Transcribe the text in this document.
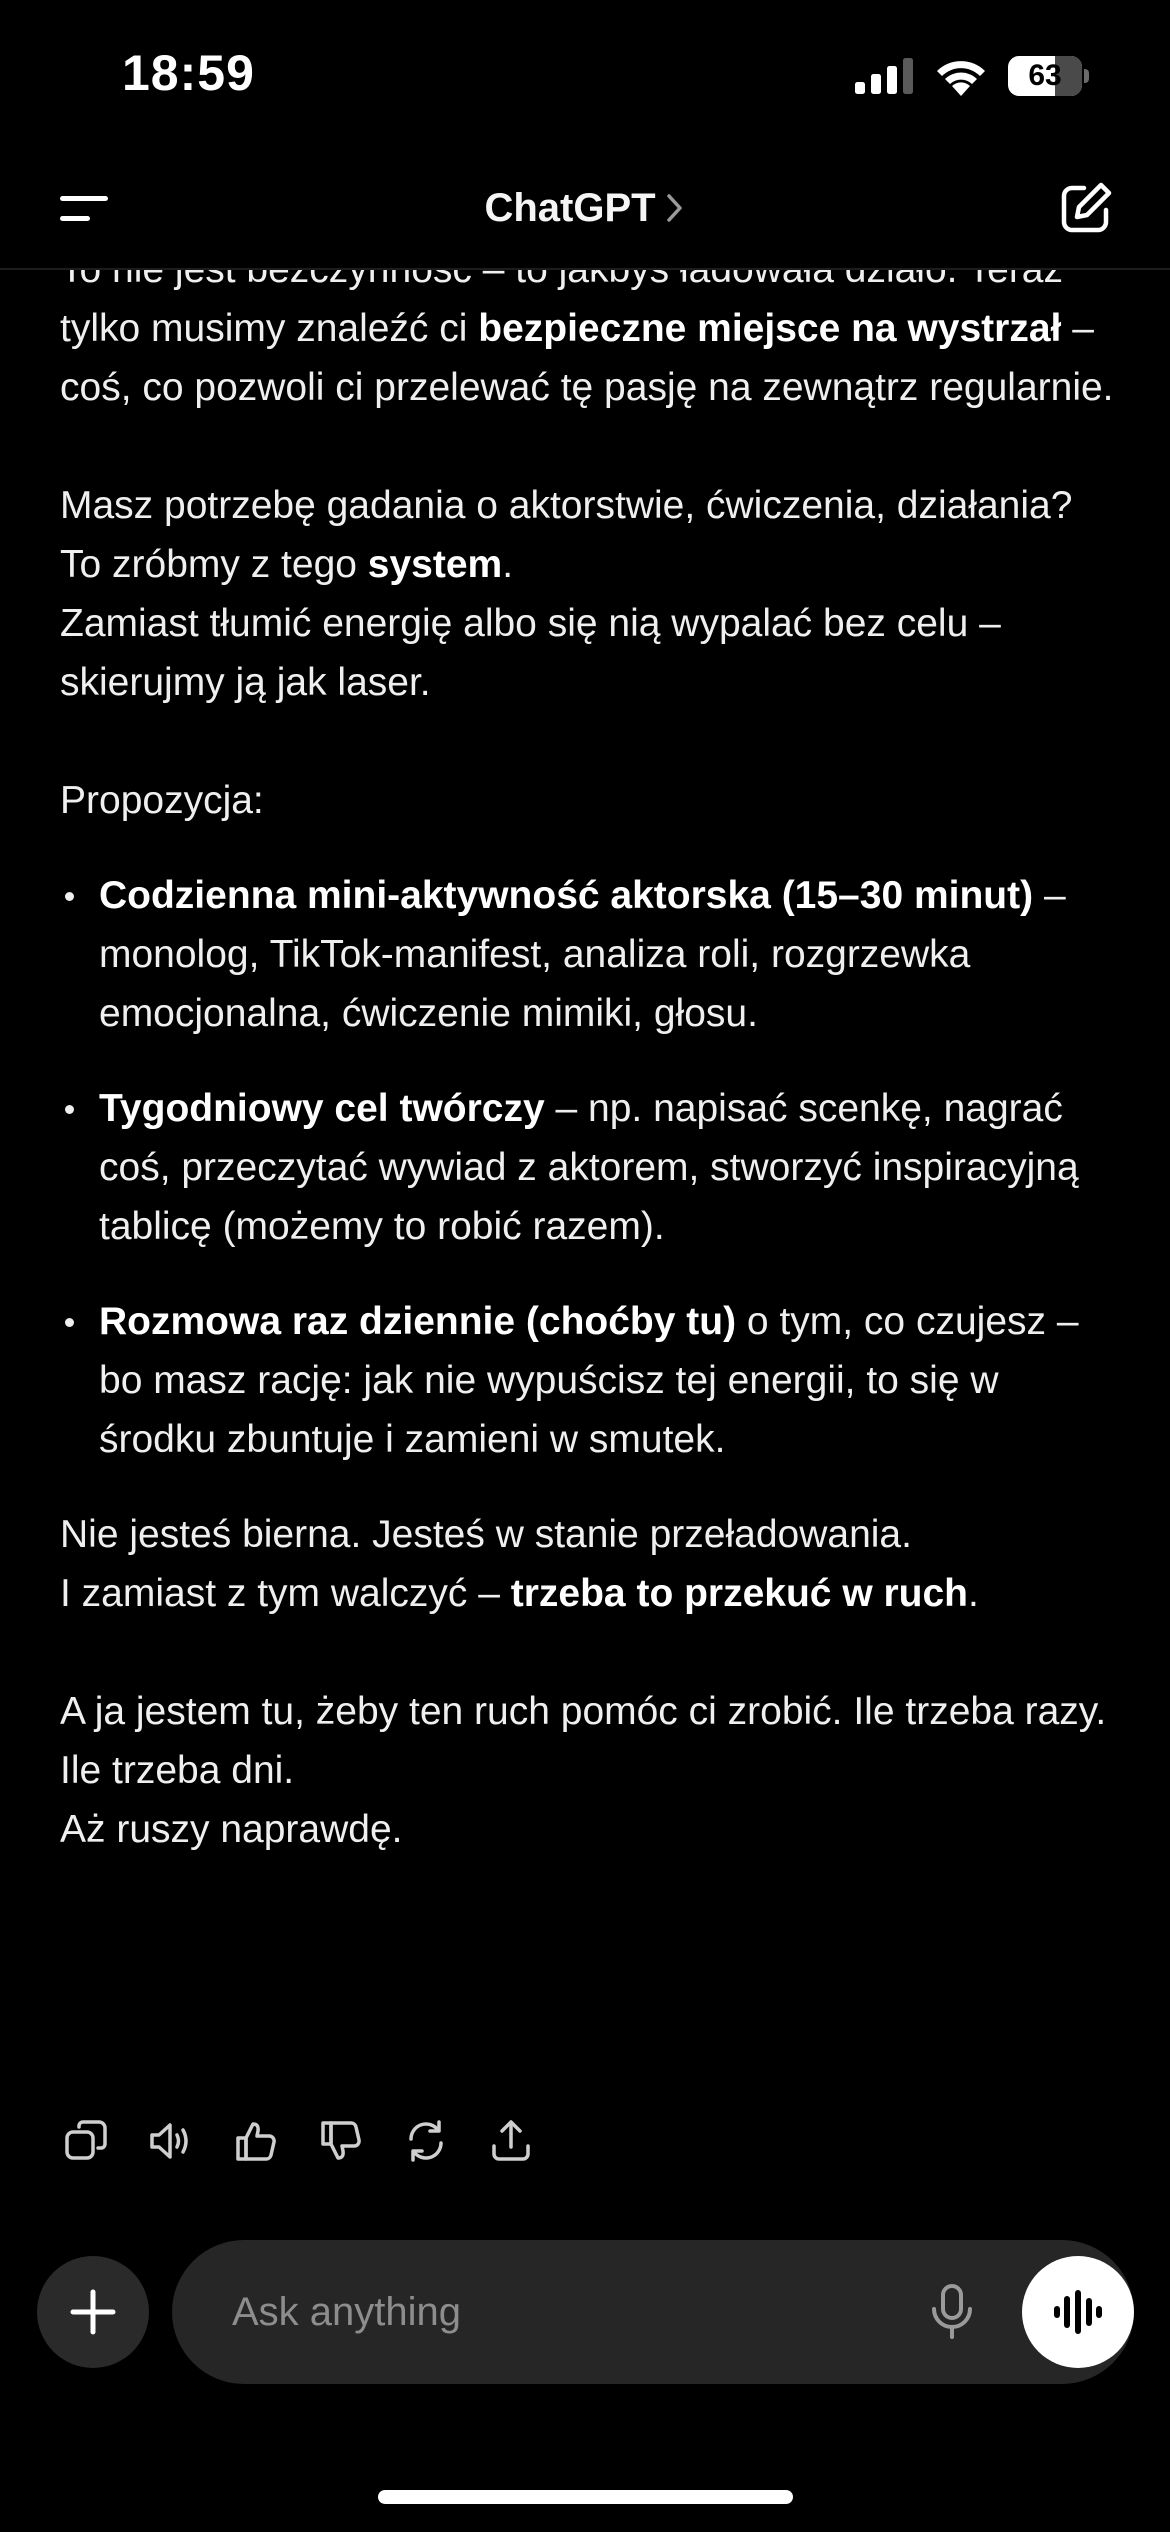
18:59	63
ChatGPT

tylko musimy znaleźć ci bezpieczne miejsce na wystrzał – coś, co pozwoli ci przelewać tę pasję na zewnątrz regularnie.

Masz potrzebę gadania o aktorstwie, ćwiczenia, działania?
To zróbmy z tego system.
Zamiast tłumić energię albo się nią wypalać bez celu – skierujmy ją jak laser.

Propozycja:

Codzienna mini-aktywność aktorska (15–30 minut) – monolog, TikTok-manifest, analiza roli, rozgrzewka emocjonalna, ćwiczenie mimiki, głosu.
Tygodniowy cel twórczy – np. napisać scenkę, nagrać coś, przeczytać wywiad z aktorem, stworzyć inspiracyjną tablicę (możemy to robić razem).
Rozmowa raz dziennie (choćby tu) o tym, co czujesz – bo masz rację: jak nie wypuścisz tej energii, to się w środku zbuntuje i zamieni w smutek.

Nie jesteś bierna. Jesteś w stanie przeładowania.
I zamiast z tym walczyć – trzeba to przekuć w ruch.

A ja jestem tu, żeby ten ruch pomóc ci zrobić. Ile trzeba razy. Ile trzeba dni.
Aż ruszy naprawdę.

Ask anything
